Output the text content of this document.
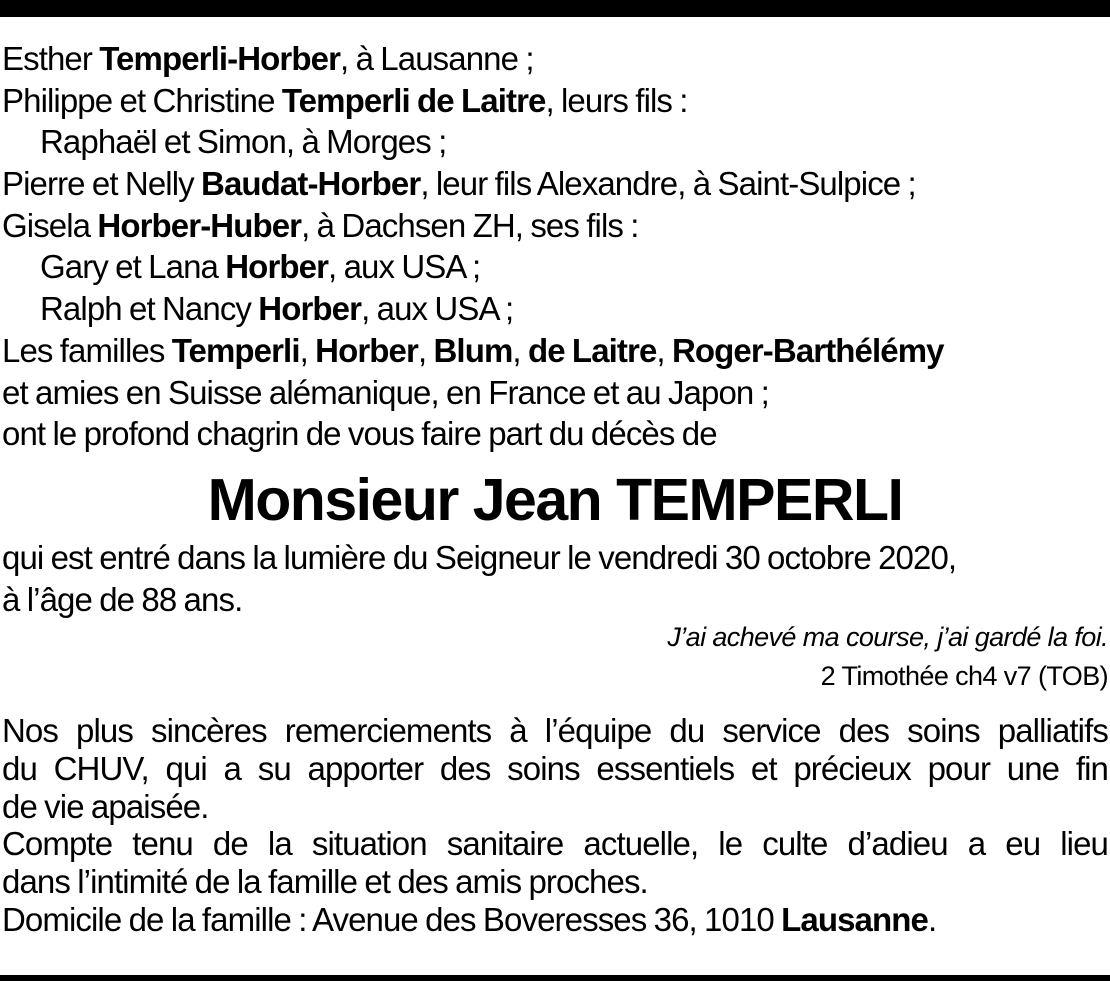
Esther Temperli-Horber, à Lausanne ;
Philippe et Christine Temperli de Laitre, leurs fils :
Raphaël et Simon, à Morges ;
Pierre et Nelly Baudat-Horber, leur fils Alexandre, à Saint-Sulpice ;
Gisela Horber-Huber, à Dachsen ZH, ses fils :
Gary et Lana Horber, aux USA ;
Ralph et Nancy Horber, aux USA ;
Les familles Temperli, Horber, Blum, de Laitre, Roger-Barthélémy
et amies en Suisse alémanique, en France et au Japon ;
ont le profond chagrin de vous faire part du décès de
Monsieur Jean TEMPERLI
qui est entré dans la lumière du Seigneur le vendredi 30 octobre 2020,
à l’âge de 88 ans.
J’ai achevé ma course, j’ai gardé la foi.
2 Timothée ch4 v7 (TOB)
Nos plus sincères remerciements à l’équipe du service des soins palliatifs
du CHUV, qui a su apporter des soins essentiels et précieux pour une fin
de vie apaisée.
Compte tenu de la situation sanitaire actuelle, le culte d’adieu a eu lieu
dans l’intimité de la famille et des amis proches.
Domicile de la famille : Avenue des Boveresses 36, 1010 Lausanne.
